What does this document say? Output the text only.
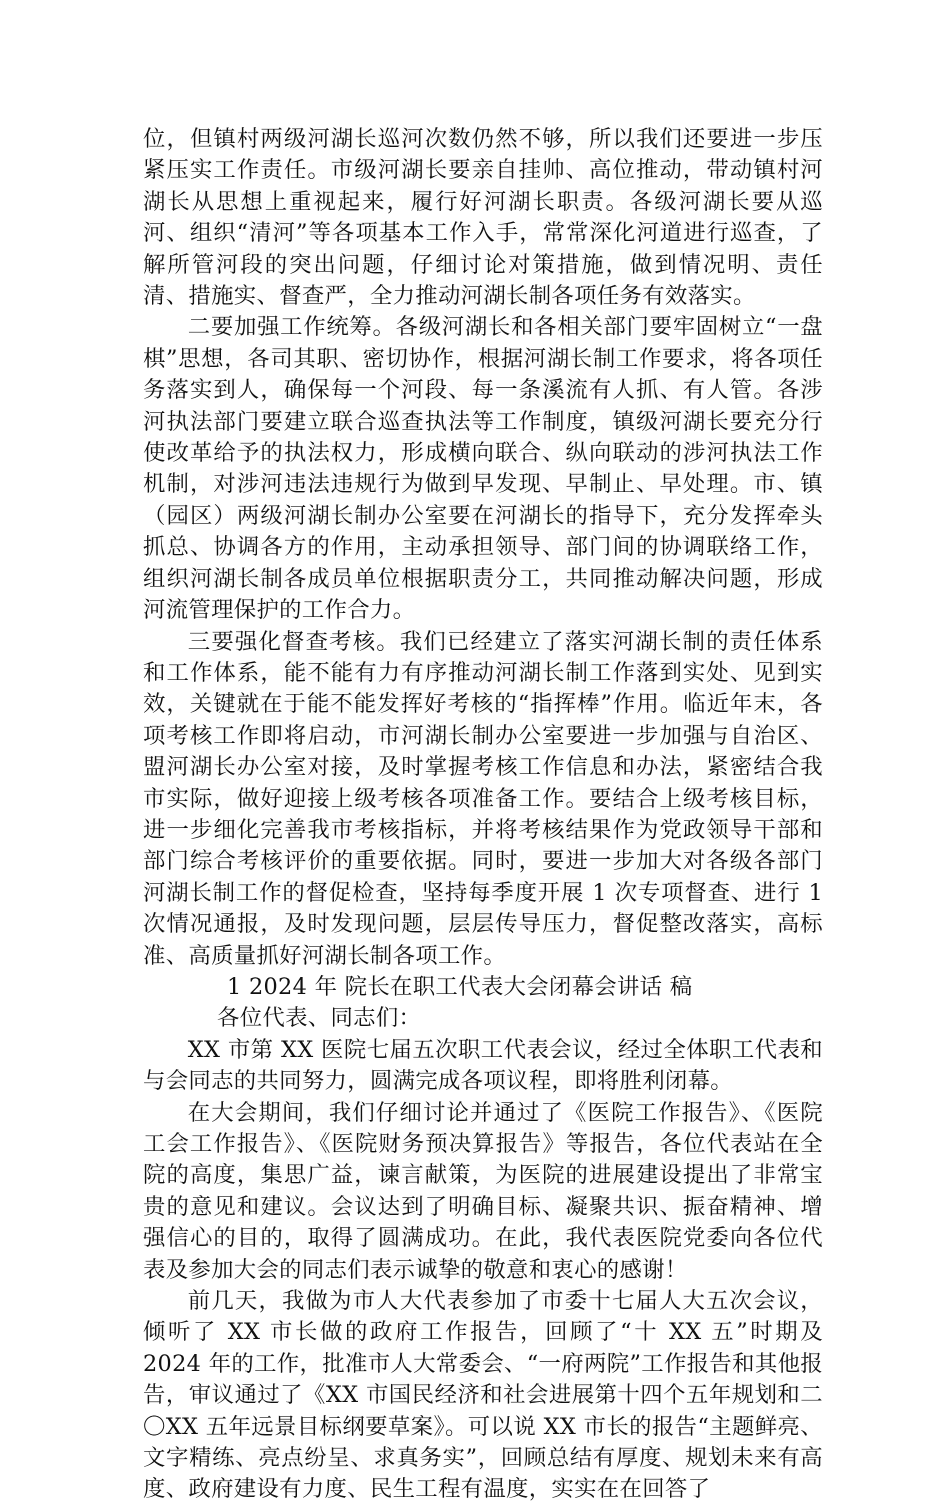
位，但镇村两级河湖长巡河次数仍然不够，所以我们还要进一步压紧压实工作责任。市级河湖长要亲自挂帅、高位推动，带动镇村河湖长从思想上重视起来，履行好河湖长职责。各级河湖长要从巡河、组织“清河”等各项基本工作入手，常常深化河道进行巡查，了解所管河段的突出问题，仔细讨论对策措施，做到情况明、责任清、措施实、督查严，全力推动河湖长制各项任务有效落实。

二要加强工作统筹。各级河湖长和各相关部门要牢固树立“一盘棋”思想，各司其职、密切协作，根据河湖长制工作要求，将各项任务落实到人，确保每一个河段、每一条溪流有人抓、有人管。各涉河执法部门要建立联合巡查执法等工作制度，镇级河湖长要充分行使改革给予的执法权力，形成横向联合、纵向联动的涉河执法工作机制，对涉河违法违规行为做到早发现、早制止、早处理。市、镇（园区）两级河湖长制办公室要在河湖长的指导下，充分发挥牵头抓总、协调各方的作用，主动承担领导、部门间的协调联络工作，组织河湖长制各成员单位根据职责分工，共同推动解决问题，形成河流管理保护的工作合力。

三要强化督查考核。我们已经建立了落实河湖长制的责任体系和工作体系，能不能有力有序推动河湖长制工作落到实处、见到实效，关键就在于能不能发挥好考核的“指挥棒”作用。临近年末，各项考核工作即将启动，市河湖长制办公室要进一步加强与自治区、盟河湖长办公室对接，及时掌握考核工作信息和办法，紧密结合我市实际，做好迎接上级考核各项准备工作。要结合上级考核目标，进一步细化完善我市考核指标，并将考核结果作为党政领导干部和部门综合考核评价的重要依据。同时，要进一步加大对各级各部门河湖长制工作的督促检查，坚持每季度开展 1 次专项督查、进行 1 次情况通报，及时发现问题，层层传导压力，督促整改落实，高标准、高质量抓好河湖长制各项工作。

1 2024 年 院长在职工代表大会闭幕会讲话 稿

各位代表、同志们：

XX 市第 XX 医院七届五次职工代表会议，经过全体职工代表和与会同志的共同努力，圆满完成各项议程，即将胜利闭幕。

在大会期间，我们仔细讨论并通过了《医院工作报告》、《医院工会工作报告》、《医院财务预决算报告》等报告，各位代表站在全院的高度，集思广益，谏言献策，为医院的进展建设提出了非常宝贵的意见和建议。会议达到了明确目标、凝聚共识、振奋精神、增强信心的目的，取得了圆满成功。在此，我代表医院党委向各位代表及参加大会的同志们表示诚挚的敬意和衷心的感谢！

前几天，我做为市人大代表参加了市委十七届人大五次会议，倾听了 XX 市长做的政府工作报告，回顾了“十 XX 五”时期及 2024 年的工作，批准市人大常委会、“一府两院”工作报告和其他报告，审议通过了《XX 市国民经济和社会进展第十四个五年规划和二〇XX 五年远景目标纲要草案》。可以说 XX 市长的报告“主题鲜亮、文字精练、亮点纷呈、求真务实”，回顾总结有厚度、规划未来有高度、政府建设有力度、民生工程有温度，实实在在回答了
